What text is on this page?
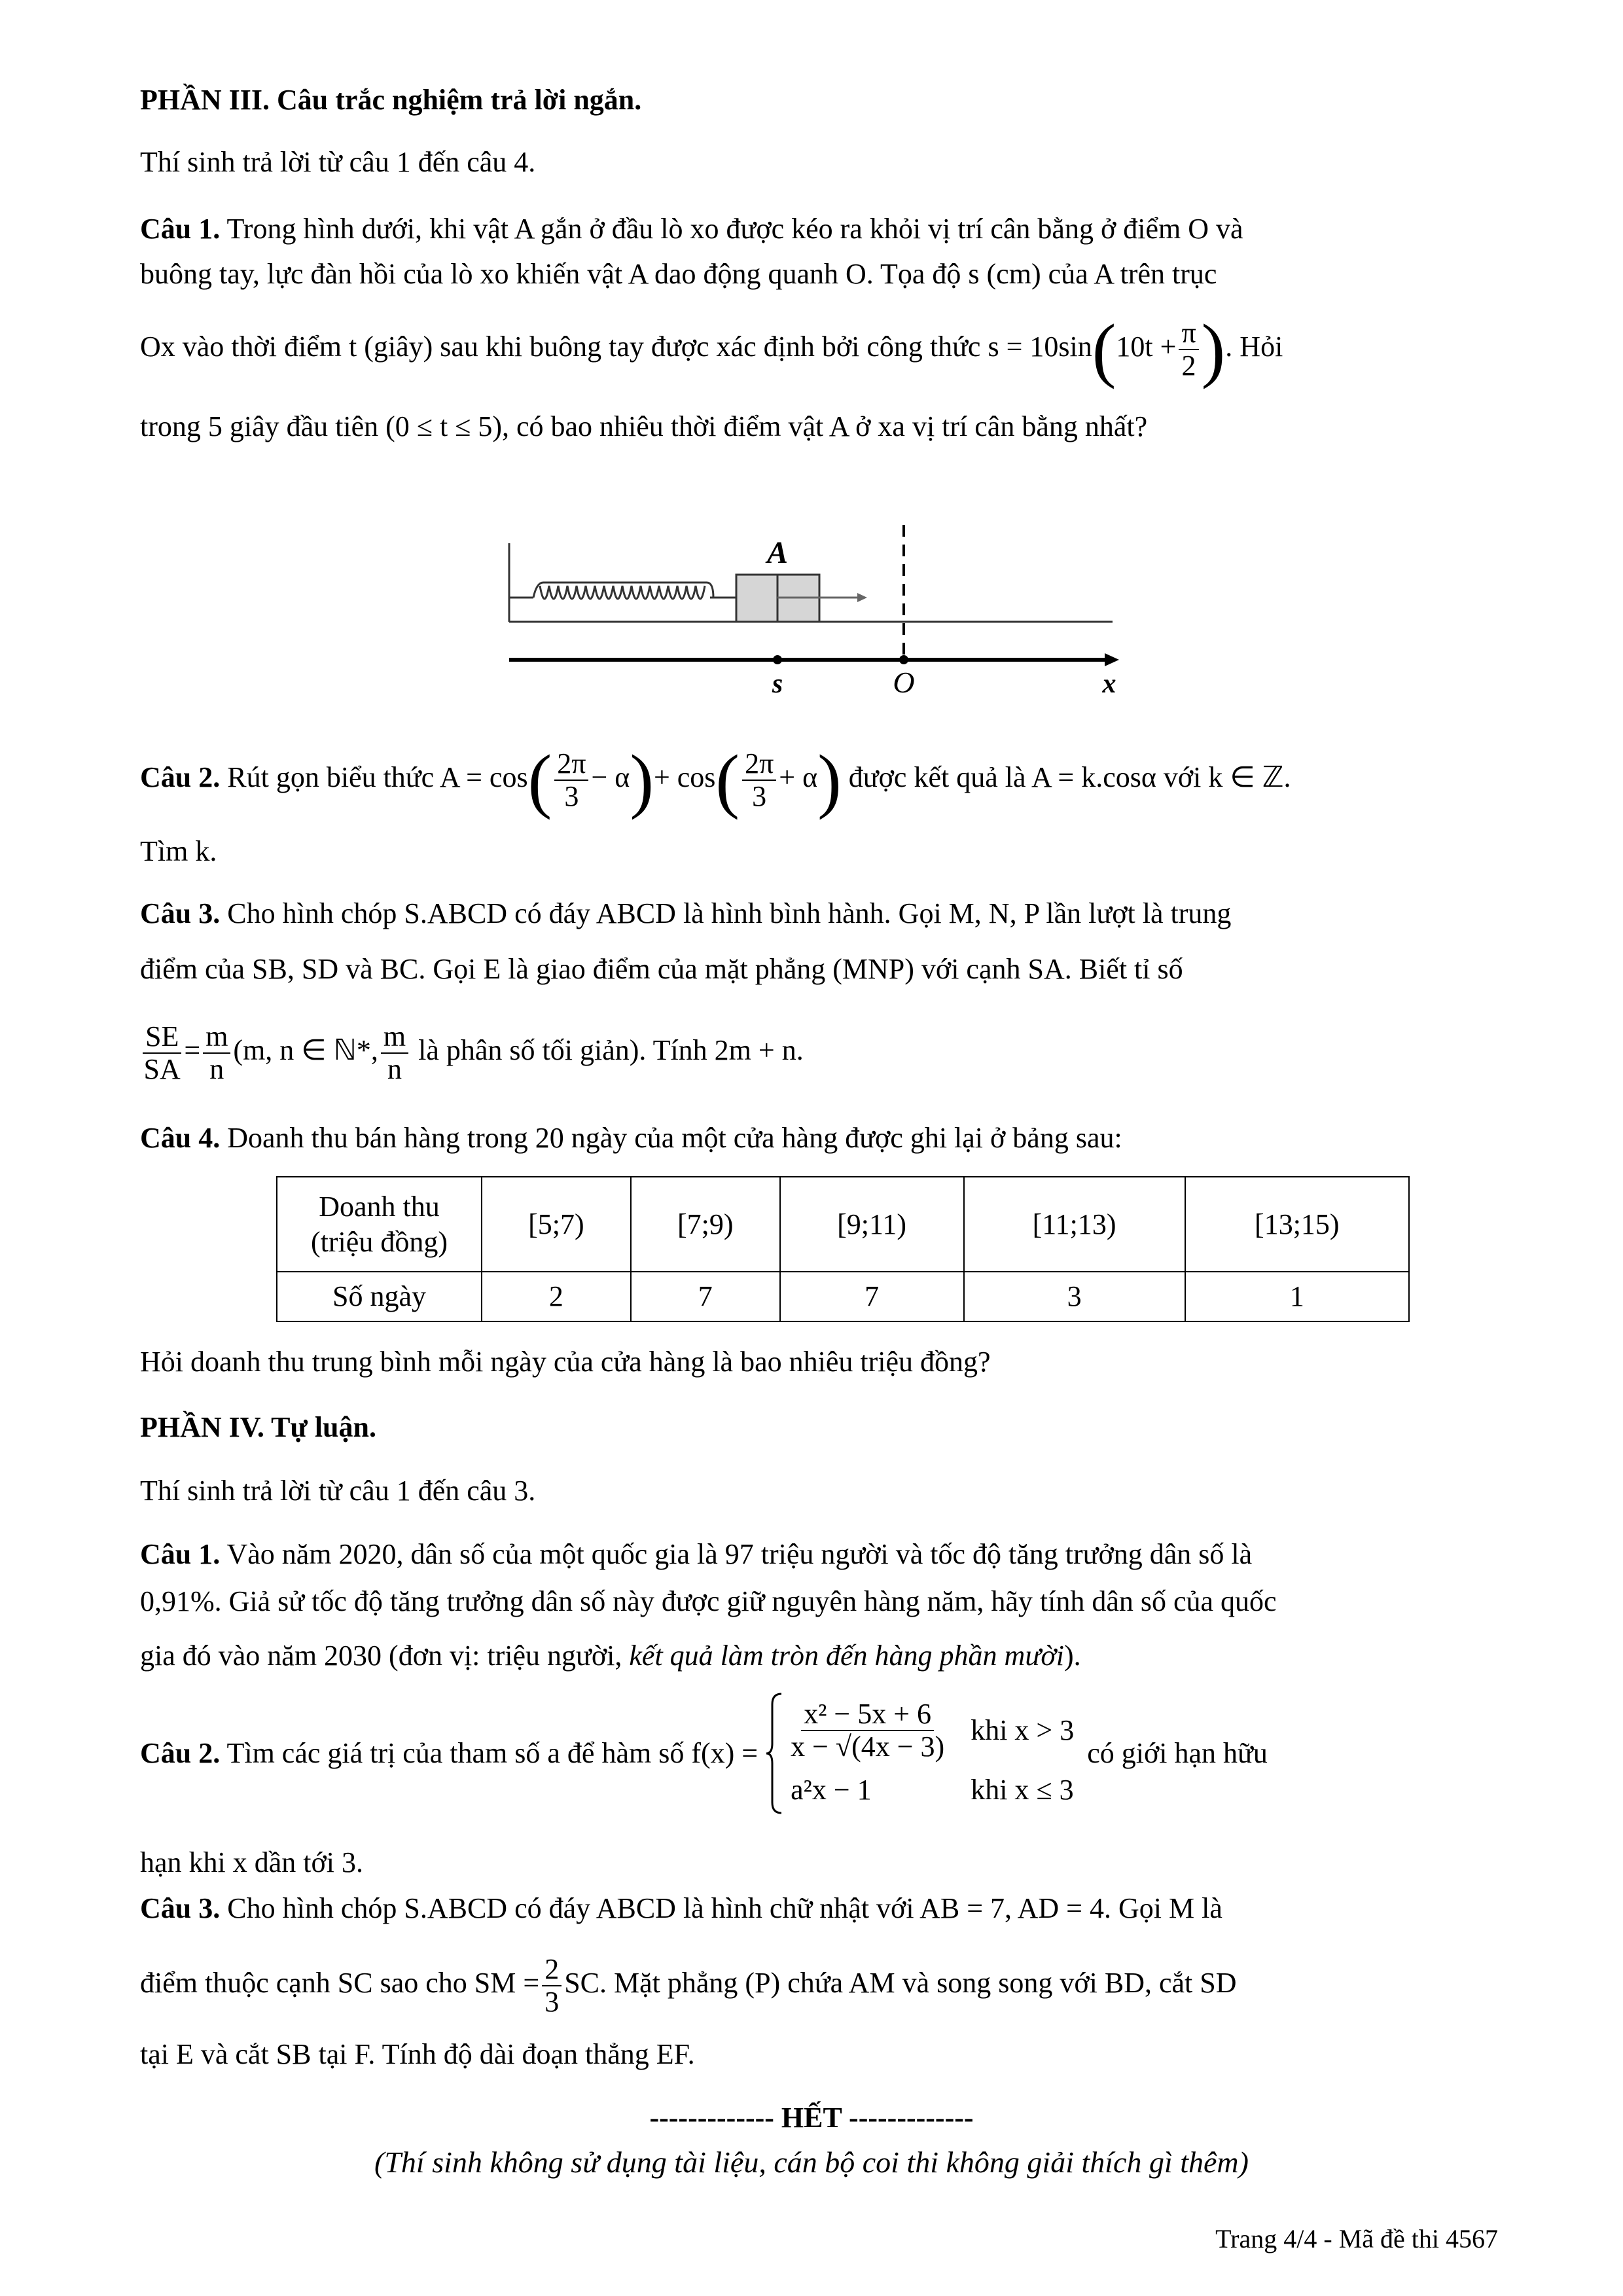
PHẦN III. Câu trắc nghiệm trả lời ngắn.
Thí sinh trả lời từ câu 1 đến câu 4.
Câu 1. Trong hình dưới, khi vật A gắn ở đầu lò xo được kéo ra khỏi vị trí cân bằng ở điểm O và
buông tay, lực đàn hồi của lò xo khiến vật A dao động quanh O. Tọa độ s (cm) của A trên trục
Ox vào thời điểm t (giây) sau khi buông tay được xác định bởi công thức $s = 10\sin(10t + \frac{\pi}{2}$ ). Hỏi
trong 5 giây đầu tiên (0 ≤ t ≤ 5), có bao nhiêu thời điểm vật A ở xa vị trí cân bằng nhất?
A
s	O	x
Câu 2. Rút gọn biểu thức $A = \cos( \frac{2\pi}{3} - \alpha)+ \cos( \frac{2\pi}{3} + \alpha)$ được kết quả là A = k.cosα với k ∈ ℤ.
Tìm k.
Câu 3. Cho hình chóp S.ABCD có đáy ABCD là hình bình hành. Gọi M, N, P lần lượt là trung
điểm của SB, SD và BC. Gọi E là giao điểm của mặt phẳng (MNP) với cạnh SA. Biết tỉ số
$\frac{SE}{SA} = \frac{m}{n} (m$, n ∈ ℕ*, $\frac{m}{n}$ là phân số tối giản). Tính 2m + n.
Câu 4. Doanh thu bán hàng trong 20 ngày của một cửa hàng được ghi lại ở bảng sau:
Doanh thu
(triệu đồng)	[5;7)	[7;9)	[9;11)	[11;13)	[13;15)
Số ngày	2	7	7	3	1
Hỏi doanh thu trung bình mỗi ngày của cửa hàng là bao nhiêu triệu đồng?
PHẦN IV. Tự luận.
Thí sinh trả lời từ câu 1 đến câu 3.
Câu 1. Vào năm 2020, dân số của một quốc gia là 97 triệu người và tốc độ tăng trưởng dân số là
0,91%. Giả sử tốc độ tăng trưởng dân số này được giữ nguyên hàng năm, hãy tính dân số của quốc
gia đó vào năm 2030 (đơn vị: triệu người, kết quả làm tròn đến hàng phần mười).
Câu 2. Tìm các giá trị của tham số a để hàm số $f(x) = \frac{\text{x² − 5x + 6}}{x - √(4x - 3)}$ khi x > 3
a²x − 1	khi x ≤ 3
có giới hạn hữu
hạn khi x dần tới 3.
Câu 3. Cho hình chóp S.ABCD có đáy ABCD là hình chữ nhật với AB = 7, AD = 4. Gọi M là
điểm thuộc cạnh SC sao cho SM = $\frac{2}{3}$ SC. Mặt phẳng (P) chứa AM và song song với BD, cắt SD
tại E và cắt SB tại F. Tính độ dài đoạn thẳng EF.
------------- HẾT -------------
(Thí sinh không sử dụng tài liệu, cán bộ coi thi không giải thích gì thêm)
Trang 4/4 - Mã đề thi 4567
